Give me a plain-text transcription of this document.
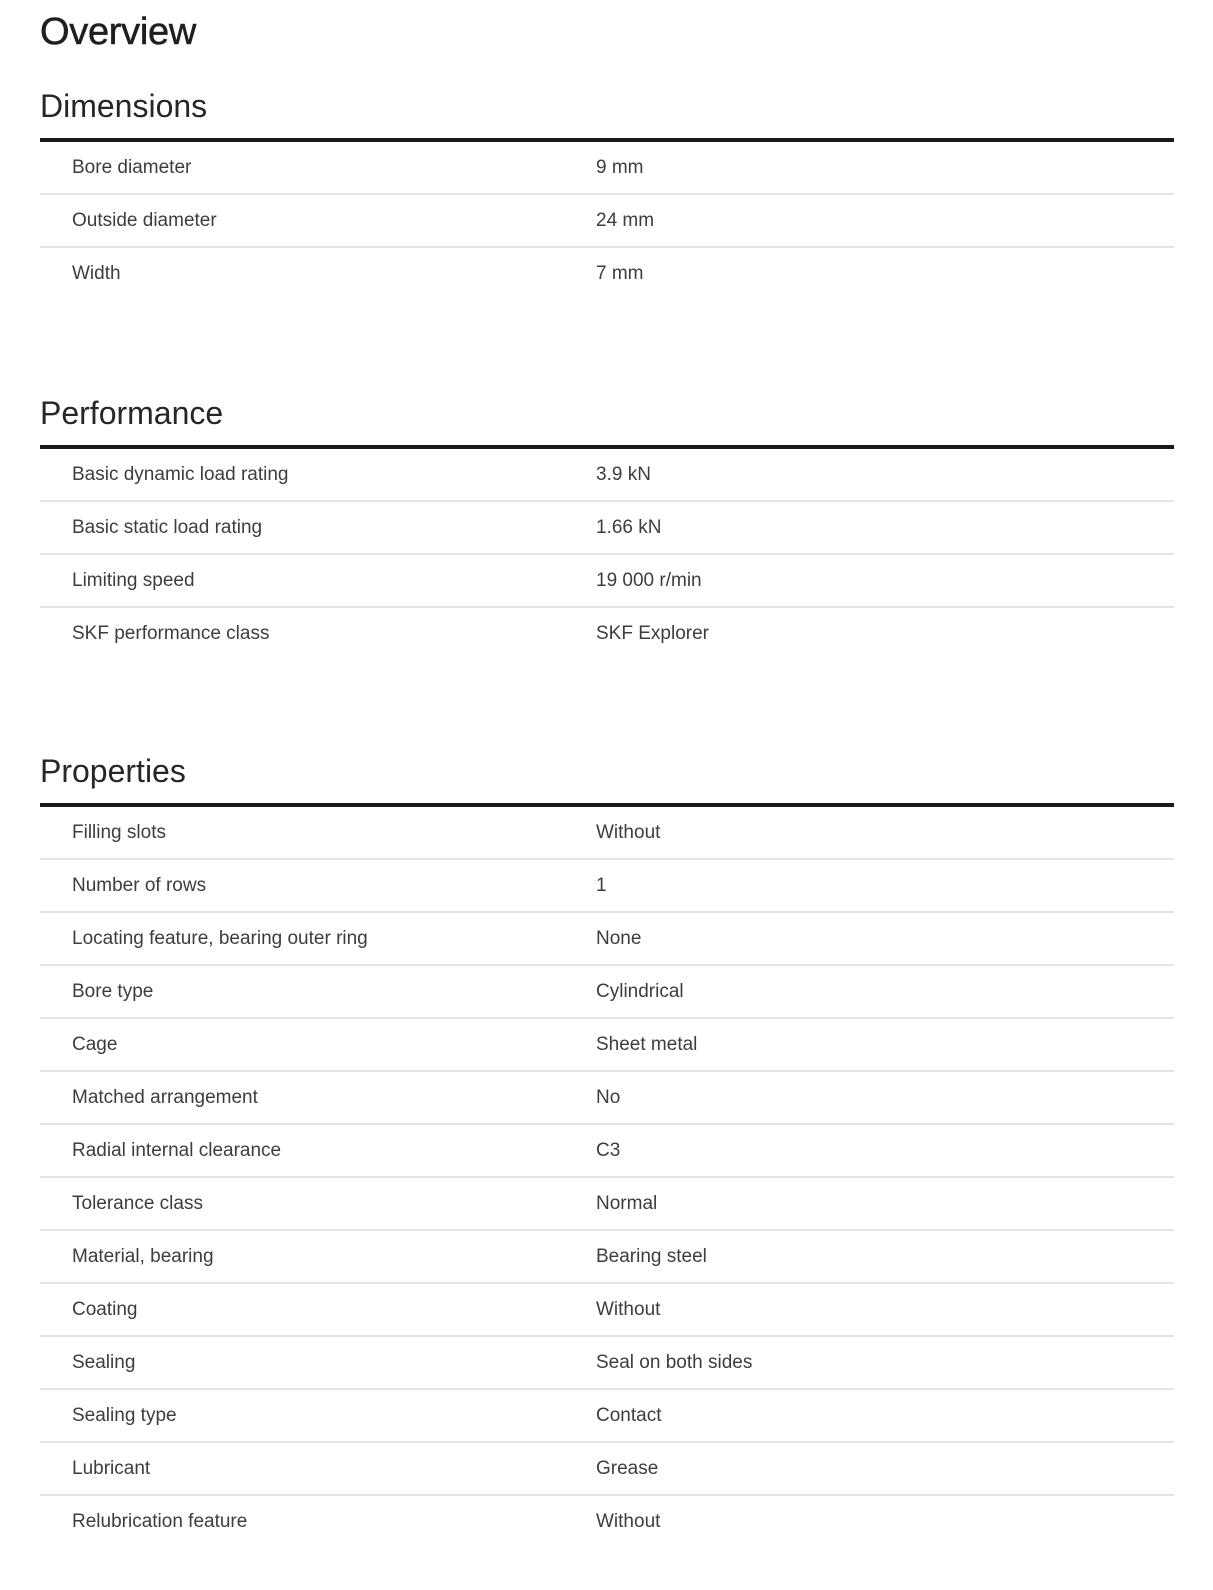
Overview
Dimensions
Bore diameter	9 mm
Outside diameter	24 mm
Width	7 mm
Performance
Basic dynamic load rating	3.9 kN
Basic static load rating	1.66 kN
Limiting speed	19 000 r/min
SKF performance class	SKF Explorer
Properties
Filling slots	Without
Number of rows	1
Locating feature, bearing outer ring	None
Bore type	Cylindrical
Cage	Sheet metal
Matched arrangement	No
Radial internal clearance	C3
Tolerance class	Normal
Material, bearing	Bearing steel
Coating	Without
Sealing	Seal on both sides
Sealing type	Contact
Lubricant	Grease
Relubrication feature	Without
